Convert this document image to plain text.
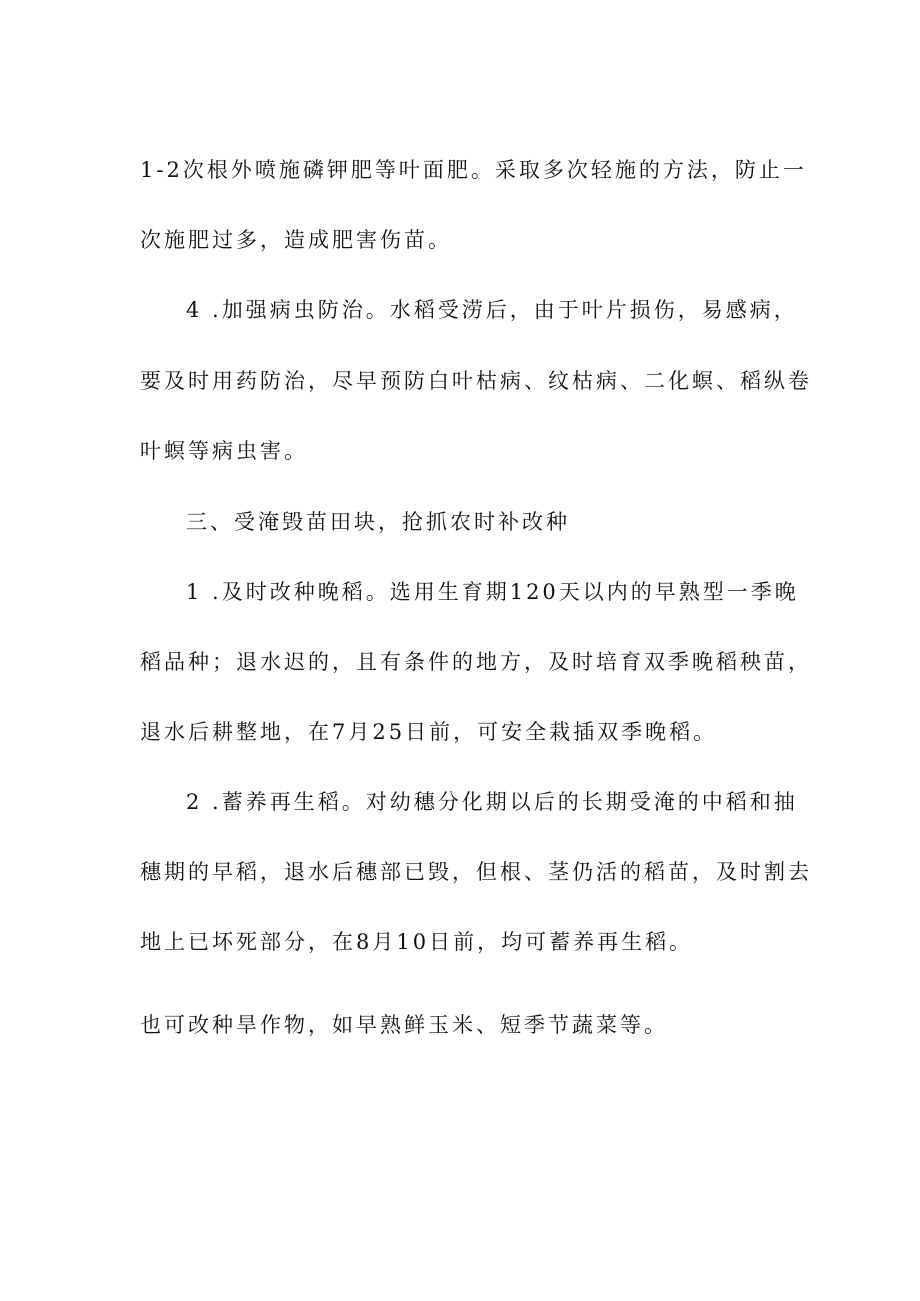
1-2次根外喷施磷钾肥等叶面肥。采取多次轻施的方法，防止一

次施肥过多，造成肥害伤苗。

4 .加强病虫防治。水稻受涝后，由于叶片损伤，易感病，

要及时用药防治，尽早预防白叶枯病、纹枯病、二化螟、稻纵卷

叶螟等病虫害。

三、受淹毁苗田块，抢抓农时补改种

1 .及时改种晚稻。选用生育期120天以内的早熟型一季晚

稻品种；退水迟的，且有条件的地方，及时培育双季晚稻秧苗，

退水后耕整地，在7月25日前，可安全栽插双季晚稻。

2 .蓄养再生稻。对幼穗分化期以后的长期受淹的中稻和抽

穗期的早稻，退水后穗部已毁，但根、茎仍活的稻苗，及时割去

地上已坏死部分，在8月10日前，均可蓄养再生稻。

也可改种旱作物，如早熟鲜玉米、短季节蔬菜等。
